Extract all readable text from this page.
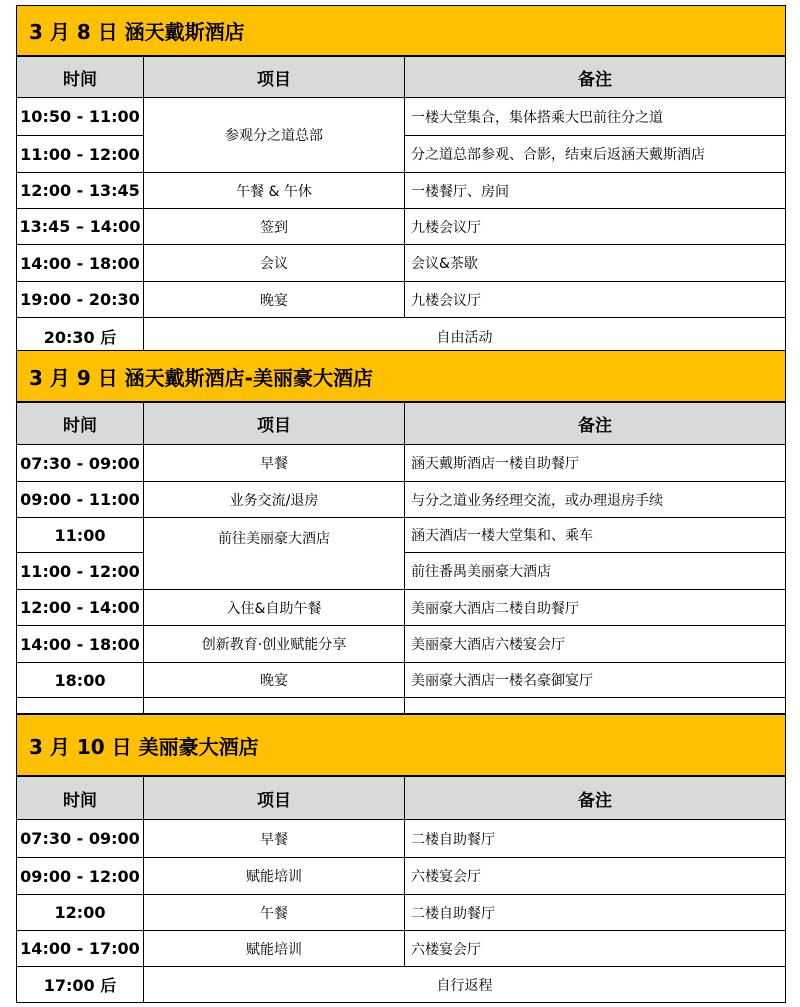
3 月 8 日 涵天戴斯酒店
时间	项目	备注
10:50 - 11:00	参观分之道总部	一楼大堂集合，集体搭乘大巴前往分之道
11:00 - 12:00		分之道总部参观、合影，结束后返涵天戴斯酒店
12:00 - 13:45	午餐 & 午休	一楼餐厅、房间
13:45 – 14:00	签到	九楼会议厅
14:00 - 18:00	会议	会议&茶歇
19:00 - 20:30	晚宴	九楼会议厅
20:30 后	自由活动	
3 月 9 日 涵天戴斯酒店-美丽豪大酒店
时间	项目	备注
07:30 - 09:00	早餐	涵天戴斯酒店一楼自助餐厅
09:00 - 11:00	业务交流/退房	与分之道业务经理交流，或办理退房手续
11:00	前往美丽豪大酒店	涵天酒店一楼大堂集和、乘车
11:00 - 12:00		前往番禺美丽豪大酒店
12:00 - 14:00	入住&自助午餐	美丽豪大酒店二楼自助餐厅
14:00 - 18:00	创新教育·创业赋能分享	美丽豪大酒店六楼宴会厅
18:00	晚宴	美丽豪大酒店一楼名豪御宴厅

3 月 10 日 美丽豪大酒店
时间	项目	备注
07:30 - 09:00	早餐	二楼自助餐厅
09:00 - 12:00	赋能培训	六楼宴会厅
12:00	午餐	二楼自助餐厅
14:00 - 17:00	赋能培训	六楼宴会厅
17:00 后	自行返程	
